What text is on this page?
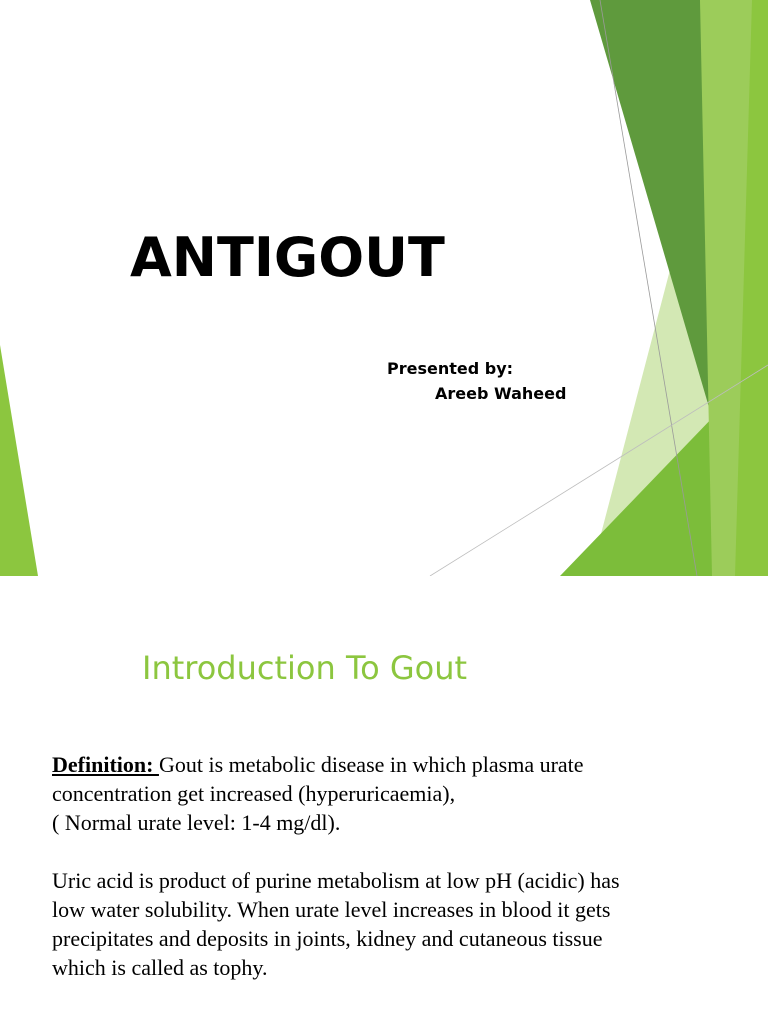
ANTIGOUT
Presented by:
Areeb Waheed
Introduction To Gout

Definition: Gout is metabolic disease in which plasma urate
concentration get increased (hyperuricaemia),
( Normal urate level: 1-4 mg/dl).

Uric acid is product of purine metabolism at low pH (acidic) has
low water solubility. When urate level increases in blood it gets
precipitates and deposits in joints, kidney and cutaneous tissue
which is called as tophy.
